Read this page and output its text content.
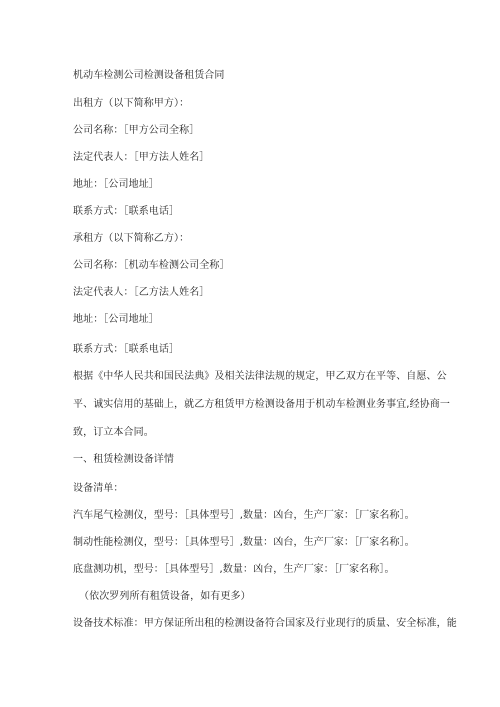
机动车检测公司检测设备租赁合同
出租方（以下简称甲方）：
公司名称：［甲方公司全称］
法定代表人：［甲方法人姓名］
地址：［公司地址］
联系方式：［联系电话］
承租方（以下简称乙方）：
公司名称：［机动车检测公司全称］
法定代表人：［乙方法人姓名］
地址：［公司地址］
联系方式：［联系电话］
根据《中华人民共和国民法典》及相关法律法规的规定，甲乙双方在平等、自愿、公
平、诚实信用的基础上，就乙方租赁甲方检测设备用于机动车检测业务事宜,经协商一
致，订立本合同。
一、租赁检测设备详情
设备清单：
汽车尾气检测仪，型号：［具体型号］,数量：凶台，生产厂家：［厂家名称］。
制动性能检测仪，型号：［具体型号］,数量：凶台，生产厂家：［厂家名称］。
底盘测功机，型号：［具体型号］,数量：凶台，生产厂家：［厂家名称］。
（依次罗列所有租赁设备，如有更多）
设备技术标准：甲方保证所出租的检测设备符合国家及行业现行的质量、安全标准，能
